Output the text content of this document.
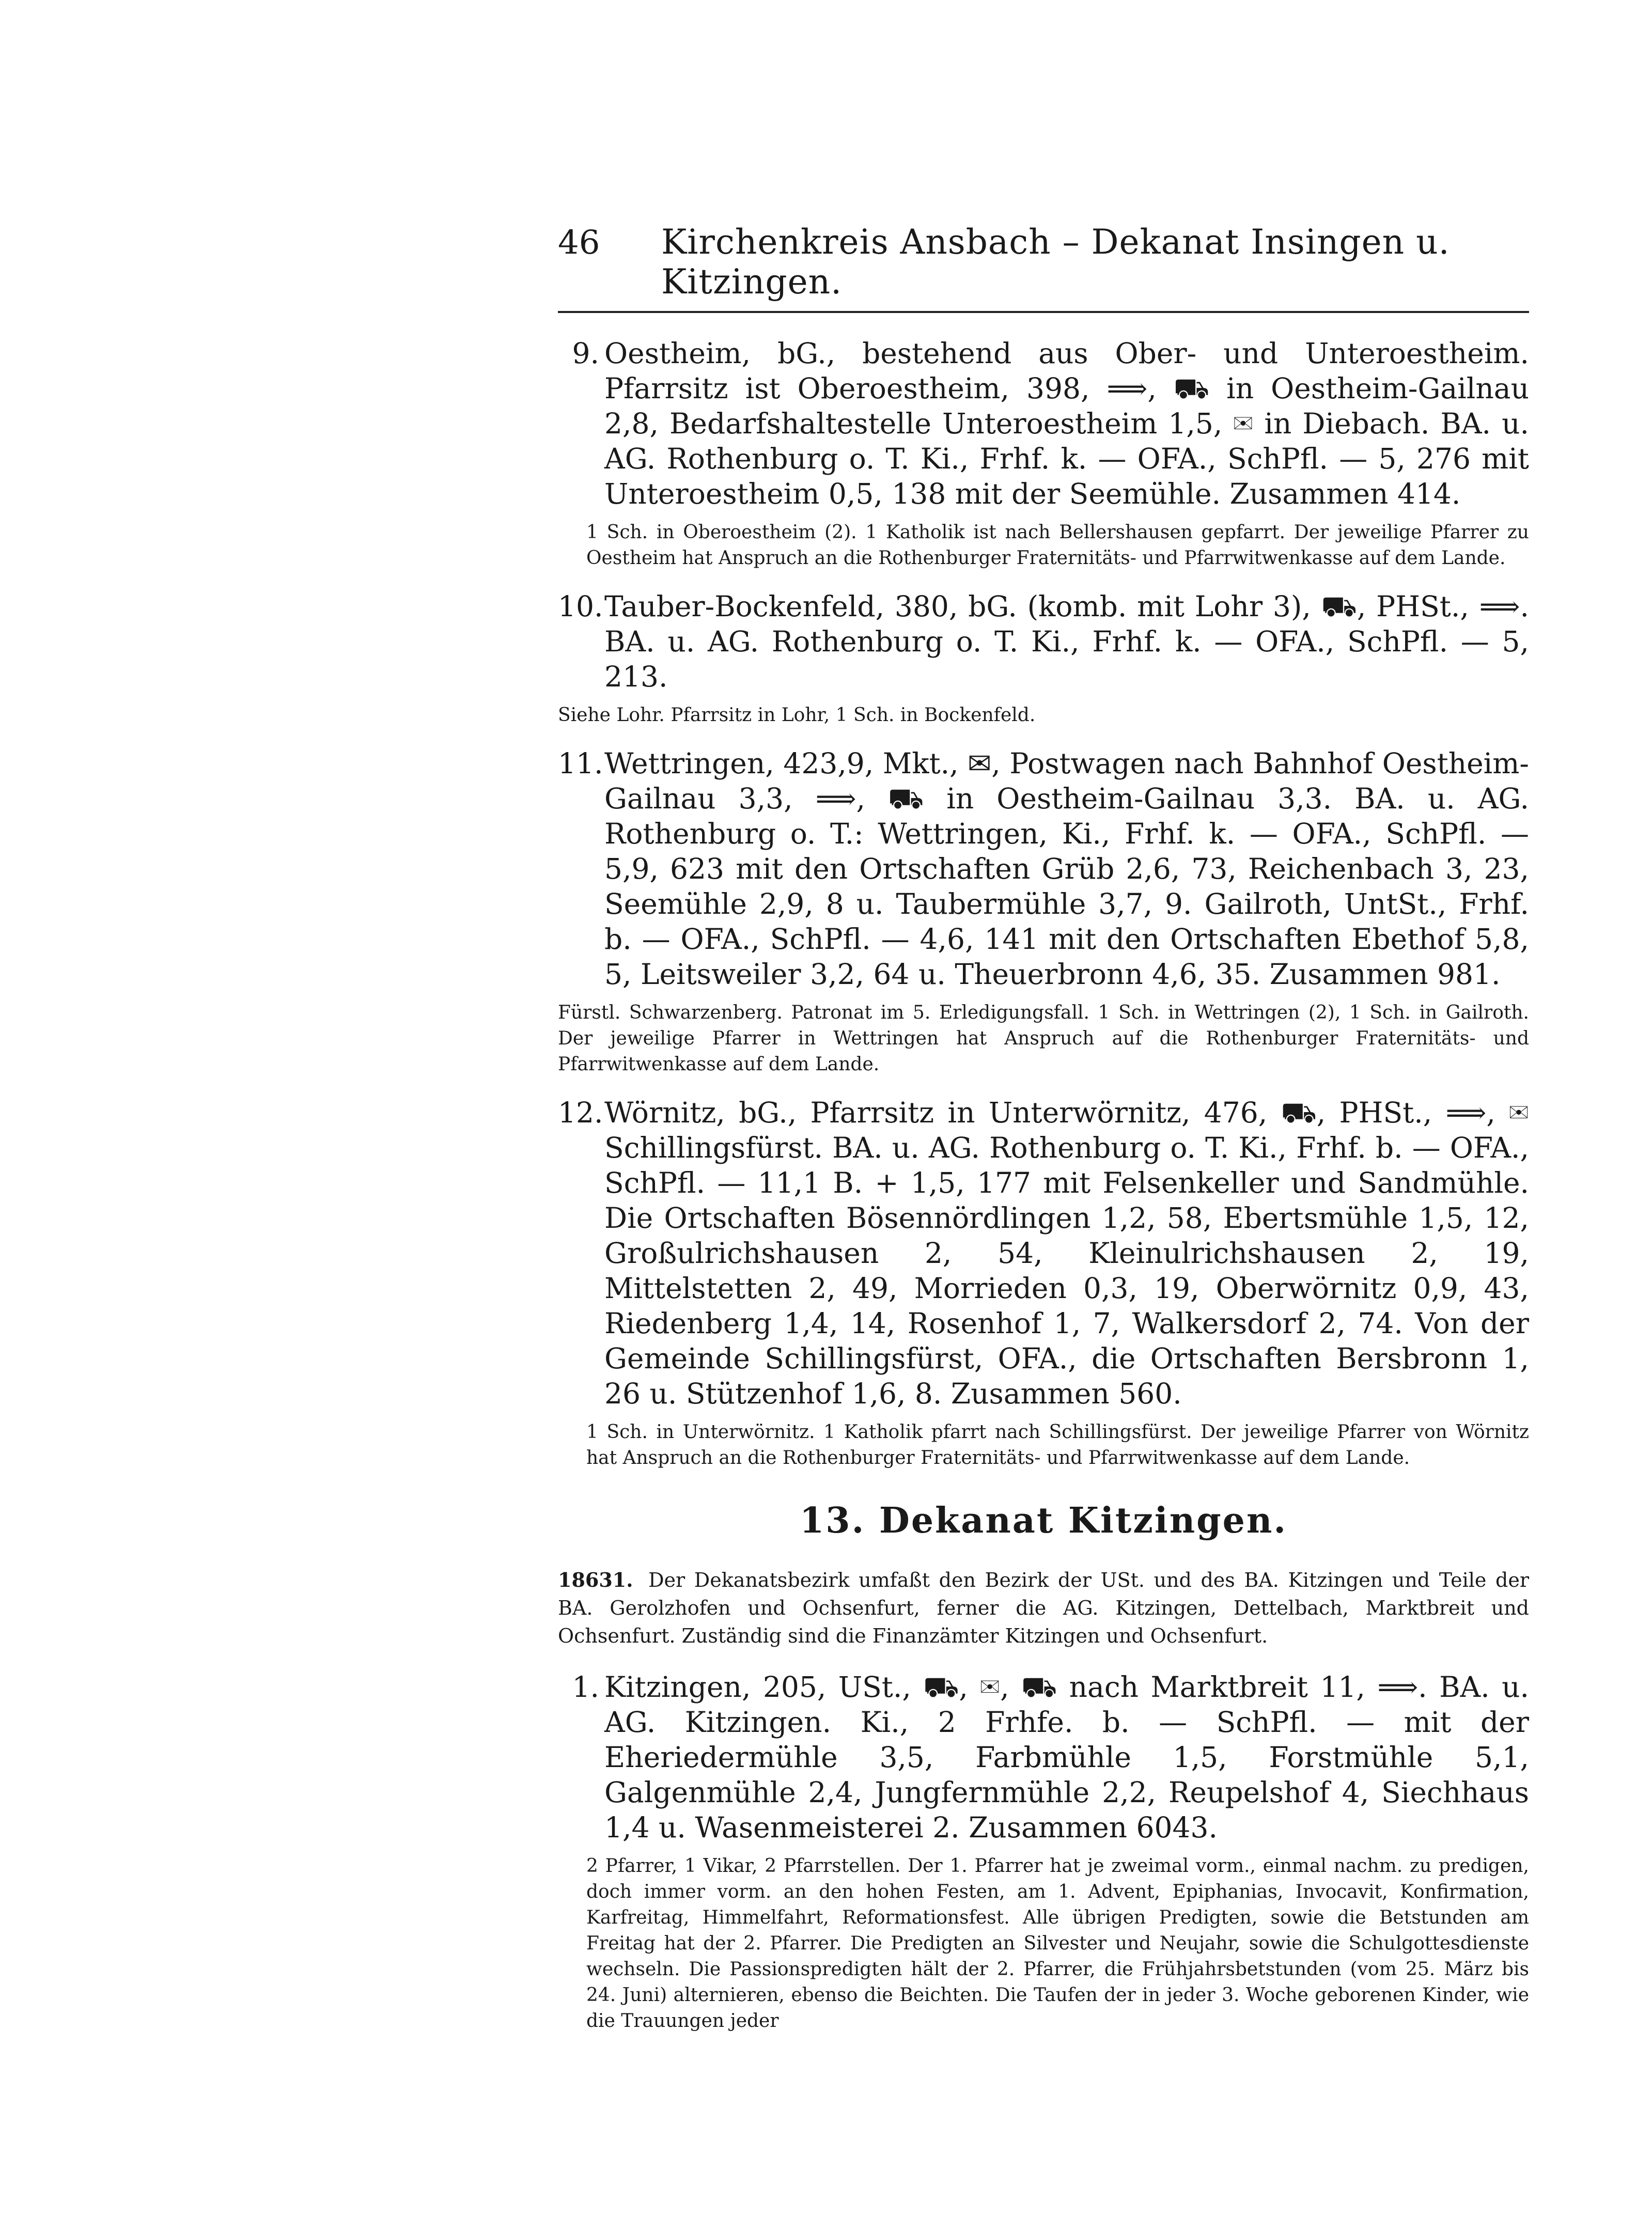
46	Kirchenkreis Ansbach – Dekanat Insingen u. Kitzingen.
9. Oestheim, bG., bestehend aus Ober- und Unteroestheim. Pfarrsitz ist Oberoestheim, 398, ⟹, ⛟ in Oestheim-Gailnau 2,8, Bedarfshaltestelle Unteroestheim 1,5, ✉ in Diebach. BA. u. AG. Rothenburg o. T. Ki., Frhf. k. — OFA., SchPfl. — 5, 276 mit Unteroestheim 0,5, 138 mit der Seemühle. Zusammen 414.
1 Sch. in Oberoestheim (2). 1 Katholik ist nach Bellershausen gepfarrt. Der jeweilige Pfarrer zu Oestheim hat Anspruch an die Rothenburger Fraternitäts- und Pfarrwitwenkasse auf dem Lande.
10. Tauber-Bockenfeld, 380, bG. (komb. mit Lohr 3), ⛟, PHSt., ⟹. BA. u. AG. Rothenburg o. T. Ki., Frhf. k. — OFA., SchPfl. — 5, 213.
Siehe Lohr. Pfarrsitz in Lohr, 1 Sch. in Bockenfeld.
11. Wettringen, 423,9, Mkt., ✉, Postwagen nach Bahnhof Oestheim-Gailnau 3,3, ⟹, ⛟ in Oestheim-Gailnau 3,3. BA. u. AG. Rothenburg o. T.: Wettringen, Ki., Frhf. k. — OFA., SchPfl. — 5,9, 623 mit den Ortschaften Grüb 2,6, 73, Reichenbach 3, 23, Seemühle 2,9, 8 u. Taubermühle 3,7, 9. Gailroth, UntSt., Frhf. b. — OFA., SchPfl. — 4,6, 141 mit den Ortschaften Ebethof 5,8, 5, Leitsweiler 3,2, 64 u. Theuerbronn 4,6, 35. Zusammen 981.
Fürstl. Schwarzenberg. Patronat im 5. Erledigungsfall. 1 Sch. in Wettringen (2), 1 Sch. in Gailroth. Der jeweilige Pfarrer in Wettringen hat Anspruch auf die Rothenburger Fraternitäts- und Pfarrwitwenkasse auf dem Lande.
12. Wörnitz, bG., Pfarrsitz in Unterwörnitz, 476, ⛟, PHSt., ⟹, ✉ Schillingsfürst. BA. u. AG. Rothenburg o. T. Ki., Frhf. b. — OFA., SchPfl. — 11,1 B. + 1,5, 177 mit Felsenkeller und Sandmühle. Die Ortschaften Bösennördlingen 1,2, 58, Ebertsmühle 1,5, 12, Großulrichshausen 2, 54, Kleinulrichshausen 2, 19, Mittelstetten 2, 49, Morrieden 0,3, 19, Oberwörnitz 0,9, 43, Riedenberg 1,4, 14, Rosenhof 1, 7, Walkersdorf 2, 74. Von der Gemeinde Schillingsfürst, OFA., die Ortschaften Bersbronn 1, 26 u. Stützenhof 1,6, 8. Zusammen 560.
1 Sch. in Unterwörnitz. 1 Katholik pfarrt nach Schillingsfürst. Der jeweilige Pfarrer von Wörnitz hat Anspruch an die Rothenburger Fraternitäts- und Pfarrwitwenkasse auf dem Lande.
13. Dekanat Kitzingen.
18631. Der Dekanatsbezirk umfaßt den Bezirk der USt. und des BA. Kitzingen und Teile der BA. Gerolzhofen und Ochsenfurt, ferner die AG. Kitzingen, Dettelbach, Marktbreit und Ochsenfurt. Zuständig sind die Finanzämter Kitzingen und Ochsenfurt.
1. Kitzingen, 205, USt., ⛟, ✉, ⛟ nach Marktbreit 11, ⟹. BA. u. AG. Kitzingen. Ki., 2 Frhfe. b. — SchPfl. — mit der Eheriedermühle 3,5, Farbmühle 1,5, Forstmühle 5,1, Galgenmühle 2,4, Jungfernmühle 2,2, Reupelshof 4, Siechhaus 1,4 u. Wasenmeisterei 2. Zusammen 6043.
2 Pfarrer, 1 Vikar, 2 Pfarrstellen. Der 1. Pfarrer hat je zweimal vorm., einmal nachm. zu predigen, doch immer vorm. an den hohen Festen, am 1. Advent, Epiphanias, Invocavit, Konfirmation, Karfreitag, Himmelfahrt, Reformationsfest. Alle übrigen Predigten, sowie die Betstunden am Freitag hat der 2. Pfarrer. Die Predigten an Silvester und Neujahr, sowie die Schulgottesdienste wechseln. Die Passionspredigten hält der 2. Pfarrer, die Frühjahrsbetstunden (vom 25. März bis 24. Juni) alternieren, ebenso die Beichten. Die Taufen der in jeder 3. Woche geborenen Kinder, wie die Trauungen jeder
